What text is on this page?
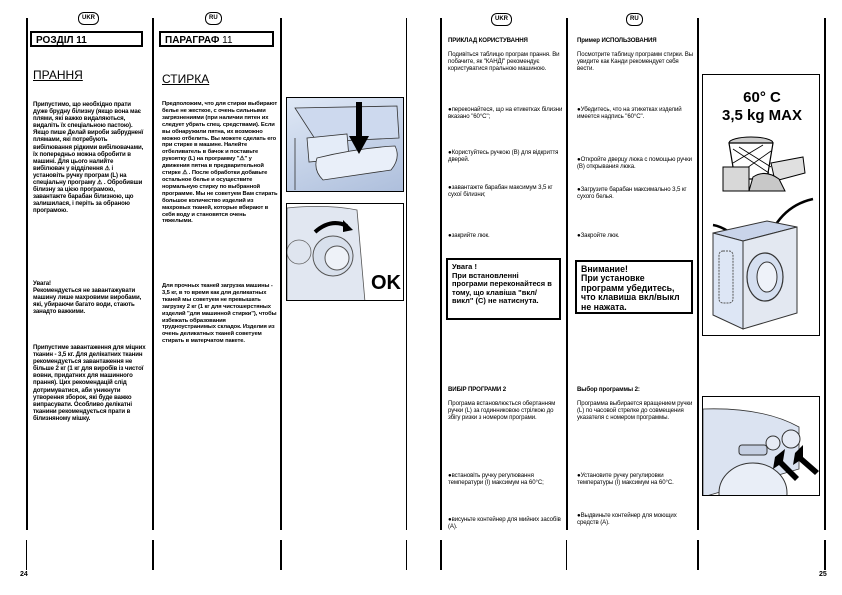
UKR
РОЗДІЛ 11
ПРАННЯ
Припустимо, що необхідно прати дуже брудну білизну (якщо вона має плями, які важко видаляються, видаліть їх спеціальною пастою). Якщо пише Делай вироби забрудненї плямами, які потребують вибілювання рідкими вибілювачами, їх попередньо можна обробити в машині. Для цього налийте вибілювач у відділення ⚠ і установіть ручку програм (L) на спеціальну програму ⚠ . Обробивши білизну за цією програмою, завантажте барабан білизною, що залишилася, і періть за обраною програмою.
Увага!
Рекомендується не завантажувати машину лише махровими виробами, які, убираючи багато води, стають занадто важкими.
Припустиме завантаження для міцних тканин - 3,5 кг. Для делікатних тканин рекомендується завантаження не більше 2 кг (1 кг для виробів із чистої вовни, придатних для машинного прання). Цих рекомендацій слід дотримуватися, аби уникнути утворення зборок, які буде важко випрасувати. Особливо делікатні тканини рекомендується прати в білизняному мішку.
RU
ПАРАГРАФ 11
СТИРКА
Предположим, что для стирки выбирают белье не жесткое, с очень сильными загрязнениями (при наличии пятен их следует убрать спец. средствами). Если вы обнаружили пятна, их возможно можно отбелить. Вы можете сделать его при стирке в машине. Налейте отбеливатель в бачок и поставьте рукоятку (L) на программу "⚠" у движения пятна в предварительной стирке ⚠ . После обработки добавьте остальное белье и осуществите нормальную стирку по выбранной программе. Мы не советуем Вам стирать большое количество изделий из махровых тканей, которые вбирают в себя воду и становятся очень тяжелыми.
Для прочных тканей загрузка машины - 3,5 кг, в то время как для деликатных тканей мы советуем не превышать загрузку 2 кг (1 кг для чистошерстяных изделий "для машинной стирки"), чтобы избежать образования трудноустранимых складок. Изделия из очень деликатных тканей советуем стирать в матерчатом пакете.
OK
24
UKR

ПРИКЛАД КОРИСТУВАННЯ

Подивіться таблицю програм прання. Ви побачите, як "КАНДІ" рекомендує користуватися пральною машиною.

● переконайтеся, що на етикетках білизни вказано "60°C";
● Користуйтесь ручкою (B) для відкриття дверей.
● завантажте барабан максимум 3,5 кг сухої білизни;
● закрийте люк.
Увага !
При встановленні програми переконайтеся в тому, що клавіша "вкл/викл" (C) не натиснута.

ВИБІР ПРОГРАМИ 2

Програма встановлюється обертанням ручки (L) за годинниковою стрілкою до збігу ризки з номером програми.

● встановіть ручку регулювання температури (I) максимум на 60°C;
● висуньте контейнер для мийних засобів (A).
RU

Пример ИСПОЛЬЗОВАНИЯ

Посмотрите таблицу программ стирки. Вы увидите как Канди рекомендует себя вести.

● Убедитесь, что на этикетках изделий имеется надпись "60°C".
● Откройте дверцу люка с помощью ручки (B) открывания люка.
● Загрузите барабан максимально 3,5 кг сухого белья.
● Закройте люк.
Внимание!
При установке программ убедитесь, что клавиша вкл/выкл не нажата.

Выбор программы 2:

Программа выбирается вращением ручки (L) по часовой стрелке до совмещения указателя с номером программы.

● Установите ручку регулировки температуры (I) максимум на 60°C.
● Выдвиньте контейнер для моющих средств (A).
60° C
3,5 kg MAX
25
